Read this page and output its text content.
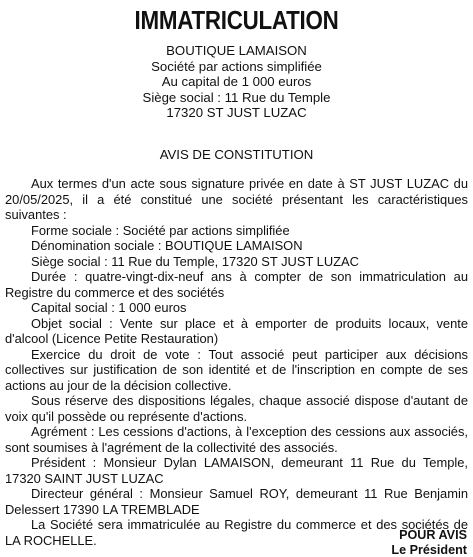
IMMATRICULATION
BOUTIQUE LAMAISON
Société par actions simplifiée
Au capital de 1 000 euros
Siège social : 11 Rue du Temple
17320 ST JUST LUZAC
AVIS DE CONSTITUTION

Aux termes d'un acte sous signature privée en date à ST JUST LUZAC du 20/05/2025, il a été constitué une société présentant les caractéristiques suivantes :

Forme sociale : Société par actions simplifiée

Dénomination sociale : BOUTIQUE LAMAISON

Siège social : 11 Rue du Temple, 17320 ST JUST LUZAC

Durée : quatre-vingt-dix-neuf ans à compter de son immatriculation au Registre du commerce et des sociétés

Capital social : 1 000 euros

Objet social : Vente sur place et à emporter de produits locaux, vente d'alcool (Licence Petite Restauration)

Exercice du droit de vote : Tout associé peut participer aux décisions collectives sur justification de son identité et de l'inscription en compte de ses actions au jour de la décision collective.

Sous réserve des dispositions légales, chaque associé dispose d'autant de voix qu'il possède ou représente d'actions.

Agrément : Les cessions d'actions, à l'exception des cessions aux associés, sont soumises à l'agrément de la collectivité des associés.

Président : Monsieur Dylan LAMAISON, demeurant 11 Rue du Temple, 17320 SAINT JUST LUZAC

Directeur général : Monsieur Samuel ROY, demeurant 11 Rue Benjamin Delessert 17390 LA TREMBLADE

La Société sera immatriculée au Registre du commerce et des sociétés de LA ROCHELLE.	POUR AVIS
Le Président
